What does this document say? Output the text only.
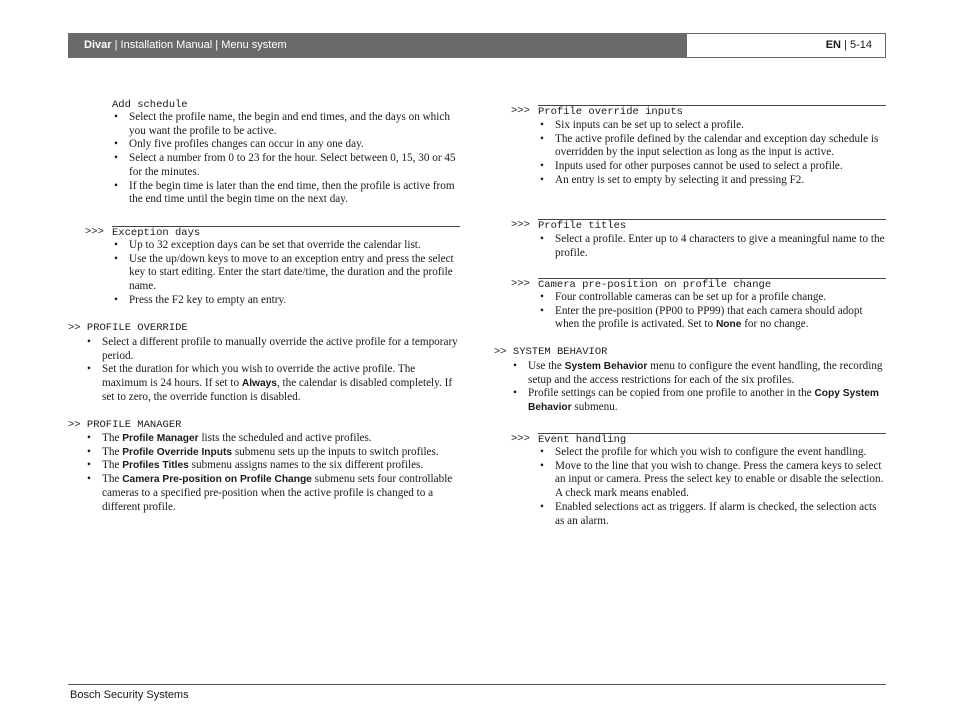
Divar | Installation Manual | Menu system	EN | 5-14
Add schedule
• Select the profile name, the begin and end times, and the days on which you want the profile to be active.
• Only five profiles changes can occur in any one day.
• Select a number from 0 to 23 for the hour. Select between 0, 15, 30 or 45 for the minutes.
• If the begin time is later than the end time, then the profile is active from the end time until the begin time on the next day.
>>> Exception days
• Up to 32 exception days can be set that override the calendar list.
• Use the up/down keys to move to an exception entry and press the select key to start editing. Enter the start date/time, the duration and the profile name.
• Press the F2 key to empty an entry.
>> PROFILE OVERRIDE
• Select a different profile to manually override the active profile for a temporary period.
• Set the duration for which you wish to override the active profile. The maximum is 24 hours. If set to Always, the calendar is disabled completely. If set to zero, the override function is disabled.
>> PROFILE MANAGER
• The Profile Manager lists the scheduled and active profiles.
• The Profile Override Inputs submenu sets up the inputs to switch profiles.
• The Profiles Titles submenu assigns names to the six different profiles.
• The Camera Pre-position on Profile Change submenu sets four controllable cameras to a specified pre-position when the active profile is changed to a different profile.
>>> Profile override inputs
• Six inputs can be set up to select a profile.
• The active profile defined by the calendar and exception day schedule is overridden by the input selection as long as the input is active.
• Inputs used for other purposes cannot be used to select a profile.
• An entry is set to empty by selecting it and pressing F2.
>>> Profile titles
• Select a profile. Enter up to 4 characters to give a meaningful name to the profile.
>>> Camera pre-position on profile change
• Four controllable cameras can be set up for a profile change.
• Enter the pre-position (PP00 to PP99) that each camera should adopt when the profile is activated. Set to None for no change.
>> SYSTEM BEHAVIOR
• Use the System Behavior menu to configure the event handling, the recording setup and the access restrictions for each of the six profiles.
• Profile settings can be copied from one profile to another in the Copy System Behavior submenu.
>>> Event handling
• Select the profile for which you wish to configure the event handling.
• Move to the line that you wish to change. Press the camera keys to select an input or camera. Press the select key to enable or disable the selection. A check mark means enabled.
• Enabled selections act as triggers. If alarm is checked, the selection acts as an alarm.
Bosch Security Systems
